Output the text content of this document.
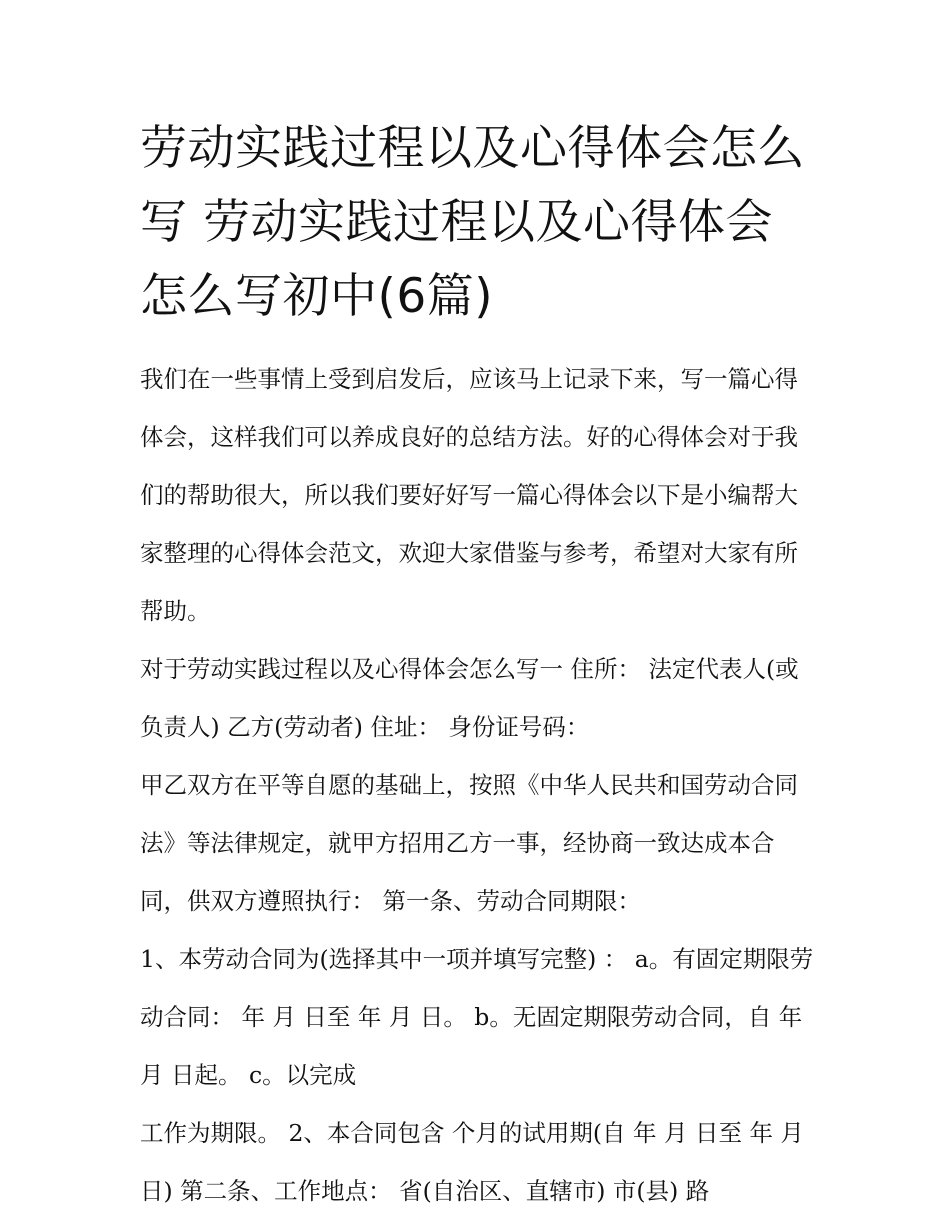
劳动实践过程以及心得体会怎么写 劳动实践过程以及心得体会怎么写初中(6篇)

我们在一些事情上受到启发后，应该马上记录下来，写一篇心得体会，这样我们可以养成良好的总结方法。好的心得体会对于我们的帮助很大，所以我们要好好写一篇心得体会以下是小编帮大家整理的心得体会范文，欢迎大家借鉴与参考，希望对大家有所帮助。

对于劳动实践过程以及心得体会怎么写一 住所： 法定代表人(或负责人) 乙方(劳动者) 住址： 身份证号码：

甲乙双方在平等自愿的基础上，按照《中华人民共和国劳动合同法》等法律规定，就甲方招用乙方一事，经协商一致达成本合同，供双方遵照执行： 第一条、劳动合同期限：

1、本劳动合同为(选择其中一项并填写完整) ： a。有固定期限劳动合同： 年 月 日至 年 月 日。 b。无固定期限劳动合同，自 年 月 日起。 c。以完成

工作为期限。 2、本合同包含 个月的试用期(自 年 月 日至 年 月 日) 第二条、工作地点： 省(自治区、直辖市) 市(县) 路
